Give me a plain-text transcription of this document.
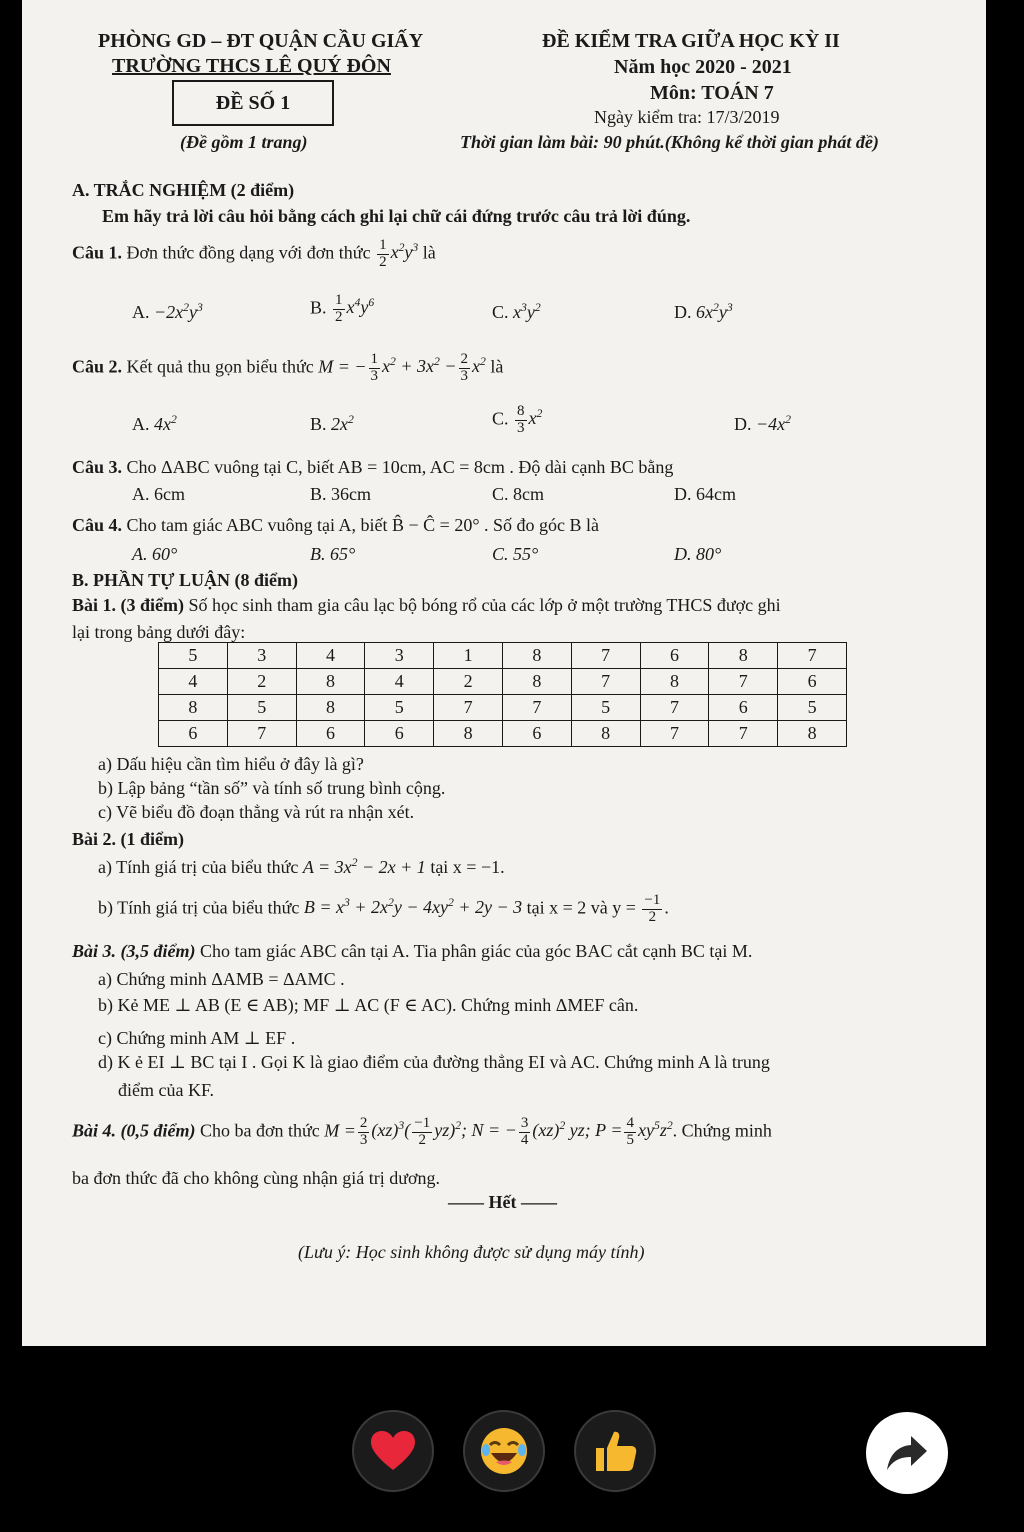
PHÒNG GD – ĐT QUẬN CẦU GIẤY
TRƯỜNG THCS LÊ QUÝ ĐÔN
ĐỀ SỐ 1
(Đề gồm 1 trang)
ĐỀ KIỂM TRA GIỮA HỌC KỲ II
Năm học 2020 - 2021
Môn: TOÁN 7
Ngày kiểm tra: 17/3/2019
Thời gian làm bài: 90 phút.(Không kể thời gian phát đề)
A. TRẮC NGHIỆM (2 điểm)
Em hãy trả lời câu hỏi bằng cách ghi lại chữ cái đứng trước câu trả lời đúng.
Câu 1. Đơn thức đồng dạng với đơn thức $\frac{1}{2} x^2y^3$ là
A. $-2x^2y^3$	B. $\frac{1}{2} x^4y^6$	C. $x^3y^2$	D. $6x^2y^3$
Câu 2. Kết quả thu gọn biểu thức M = − $\frac{1}{3} x^2 + 3x^2 - \frac{2}{3} x^2$ là
A. $4x^2$	B. $2x^2$	C. $\frac{8}{3} x^2$
D. $-4x^2$
Câu 3. Cho ΔABC vuông tại C, biết AB = 10cm, AC = 8cm . Độ dài cạnh BC bằng
A. 6cm	B. 36cm	C. 8cm	D. 64cm
Câu 4. Cho tam giác ABC vuông tại A, biết B̂ − Ĉ = 20° . Số đo góc B là
A. 60°	B. 65°	C. 55°	D. 80°
B. PHẦN TỰ LUẬN (8 điểm)
Bài 1. (3 điểm) Số học sinh tham gia câu lạc bộ bóng rổ của các lớp ở một trường THCS được ghi
lại trong bảng dưới đây:
5	3	4	3	1	8	7	6	8	7
4	2	8	4	2	8	7	8	7	6
8	5	8	5	7	7	5	7	6	5
6	7	6	6	8	6	8	7	7	8
a) Dấu hiệu cần tìm hiểu ở đây là gì?
b) Lập bảng “tần số” và tính số trung bình cộng.
c) Vẽ biểu đồ đoạn thẳng và rút ra nhận xét.
Bài 2. (1 điểm)
a) Tính giá trị của biểu thức $A = 3x^2 - 2x + 1$ tại x = −1.
b) Tính giá trị của biểu thức $B = x^3 + 2x^2y - 4xy^2 + 2y - 3$ tại x = 2 và $y = \frac{-1}{2}$ .
Bài 3. (3,5 điểm) Cho tam giác ABC cân tại A. Tia phân giác của góc BAC cắt cạnh BC tại M.
a) Chứng minh ΔAMB = ΔAMC .
b) Kẻ ME ⊥ AB (E ∈ AB); MF ⊥ AC (F ∈ AC). Chứng minh ΔMEF cân.
c) Chứng minh AM ⊥ EF .
d) K ẻ EI ⊥ BC tại I . Gọi K là giao điểm của đường thẳng EI và AC. Chứng minh A là trung
điểm của KF.
Bài 4. (0,5 điểm) Cho ba đơn thức $M = \frac{2}{3} (xz)^3( \frac{-1}{2} yz)^2$; N = − $\frac{3}{4} (xz)^2$ yz; $P = \frac{4}{5} xy^5z^2$. Chứng minh
ba đơn thức đã cho không cùng nhận giá trị dương.
—— Hết ——
(Lưu ý: Học sinh không được sử dụng máy tính)
